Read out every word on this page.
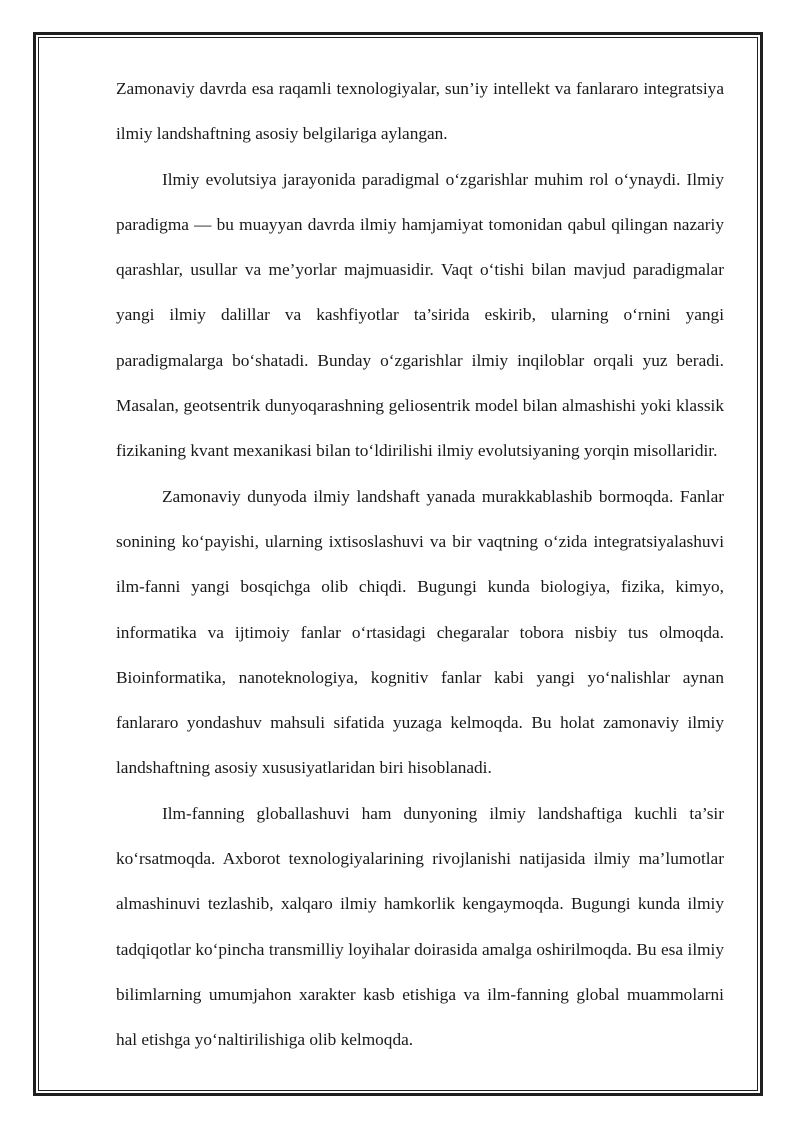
Zamonaviy davrda esa raqamli texnologiyalar, sun’iy intellekt va fanlararo integratsiya ilmiy landshaftning asosiy belgilariga aylangan.

Ilmiy evolutsiya jarayonida paradigmal o‘zgarishlar muhim rol o‘ynaydi. Ilmiy paradigma — bu muayyan davrda ilmiy hamjamiyat tomonidan qabul qilingan nazariy qarashlar, usullar va me’yorlar majmuasidir. Vaqt o‘tishi bilan mavjud paradigmalar yangi ilmiy dalillar va kashfiyotlar ta’sirida eskirib, ularning o‘rnini yangi paradigmalarga bo‘shatadi. Bunday o‘zgarishlar ilmiy inqiloblar orqali yuz beradi. Masalan, geotsentrik dunyoqarashning geliosentrik model bilan almashishi yoki klassik fizikaning kvant mexanikasi bilan to‘ldirilishi ilmiy evolutsiyaning yorqin misollaridir.

Zamonaviy dunyoda ilmiy landshaft yanada murakkablashib bormoqda. Fanlar sonining ko‘payishi, ularning ixtisoslashuvi va bir vaqtning o‘zida integratsiyalashuvi ilm-fanni yangi bosqichga olib chiqdi. Bugungi kunda biologiya, fizika, kimyo, informatika va ijtimoiy fanlar o‘rtasidagi chegaralar tobora nisbiy tus olmoqda. Bioinformatika, nanoteknologiya, kognitiv fanlar kabi yangi yo‘nalishlar aynan fanlararo yondashuv mahsuli sifatida yuzaga kelmoqda. Bu holat zamonaviy ilmiy landshaftning asosiy xususiyatlaridan biri hisoblanadi.

Ilm-fanning globallashuvi ham dunyoning ilmiy landshaftiga kuchli ta’sir ko‘rsatmoqda. Axborot texnologiyalarining rivojlanishi natijasida ilmiy ma’lumotlar almashinuvi tezlashib, xalqaro ilmiy hamkorlik kengaymoqda. Bugungi kunda ilmiy tadqiqotlar ko‘pincha transmilliy loyihalar doirasida amalga oshirilmoqda. Bu esa ilmiy bilimlarning umumjahon xarakter kasb etishiga va ilm-fanning global muammolarni hal etishga yo‘naltirilishiga olib kelmoqda.
